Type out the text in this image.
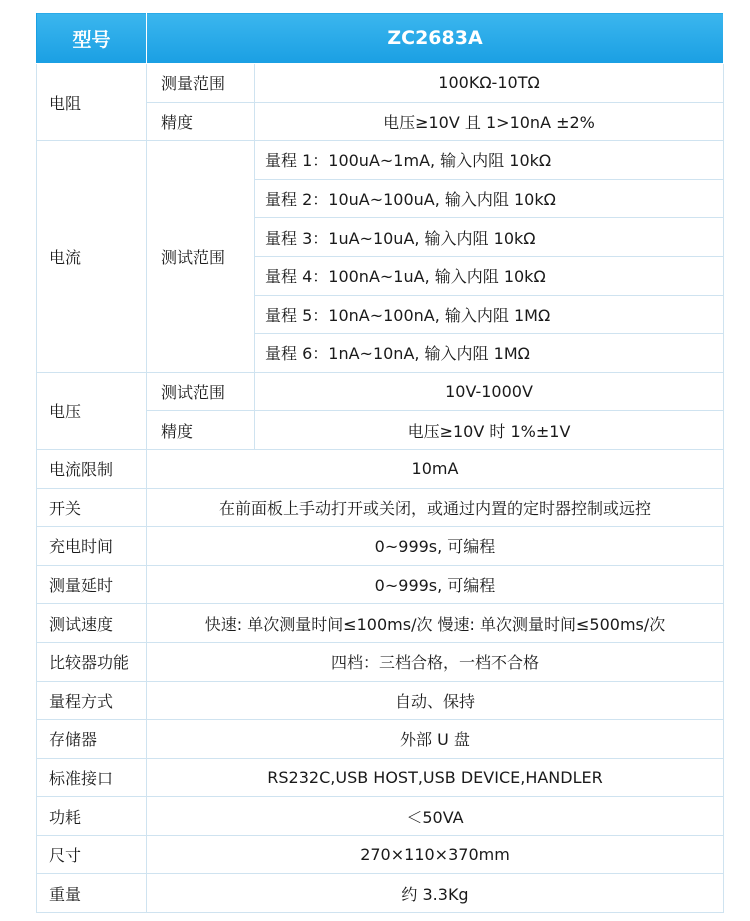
型号	ZC2683A	
电阻	测量范围	100KΩ-10TΩ
	精度	电压≥10V 且 1>10nA ±2%
电流	测试范围	量程 1：100uA~1mA, 输入内阻 10kΩ
		量程 2：10uA~100uA, 输入内阻 10kΩ
		量程 3：1uA~10uA, 输入内阻 10kΩ
		量程 4：100nA~1uA, 输入内阻 10kΩ
		量程 5：10nA~100nA, 输入内阻 1MΩ
		量程 6：1nA~10nA, 输入内阻 1MΩ
电压	测试范围	10V-1000V
	精度	电压≥10V 时 1%±1V
电流限制	10mA	
开关	在前面板上手动打开或关闭，或通过内置的定时器控制或远控	
充电时间	0~999s, 可编程	
测量延时	0~999s, 可编程	
测试速度	快速: 单次测量时间≤100ms/次 慢速: 单次测量时间≤500ms/次	
比较器功能	四档：三档合格，一档不合格	
量程方式	自动、保持	
存储器	外部 U 盘	
标准接口	RS232C,USB HOST,USB DEVICE,HANDLER	
功耗	＜50VA	
尺寸	270×110×370mm	
重量	约 3.3Kg	
